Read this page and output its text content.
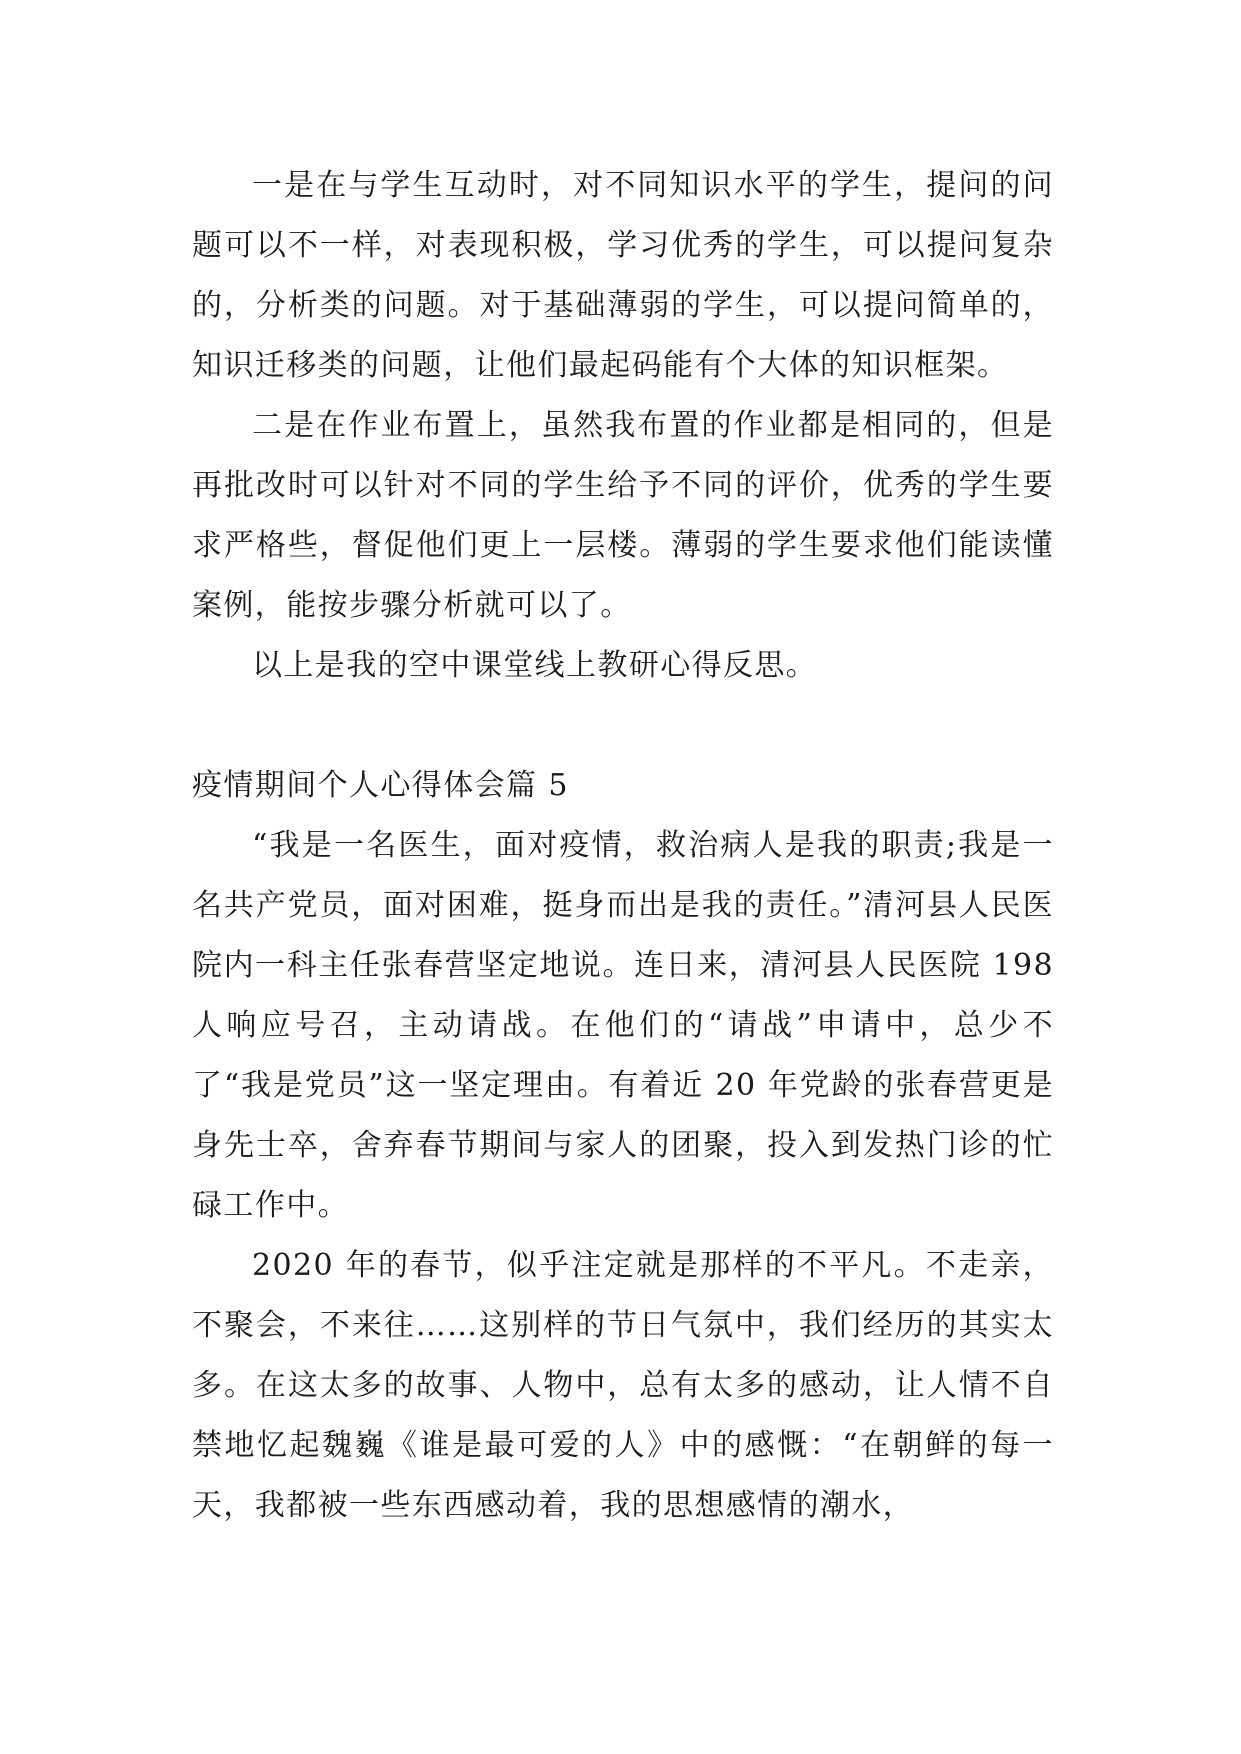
一是在与学生互动时，对不同知识水平的学生，提问的问题可以不一样，对表现积极，学习优秀的学生，可以提问复杂的，分析类的问题。对于基础薄弱的学生，可以提问简单的，知识迁移类的问题，让他们最起码能有个大体的知识框架。

二是在作业布置上，虽然我布置的作业都是相同的，但是再批改时可以针对不同的学生给予不同的评价，优秀的学生要求严格些，督促他们更上一层楼。薄弱的学生要求他们能读懂案例，能按步骤分析就可以了。

以上是我的空中课堂线上教研心得反思。

疫情期间个人心得体会篇 5

“我是一名医生，面对疫情，救治病人是我的职责;我是一名共产党员，面对困难，挺身而出是我的责任。”清河县人民医院内一科主任张春营坚定地说。连日来，清河县人民医院 198 人响应号召，主动请战。在他们的“请战”申请中，总少不了“我是党员”这一坚定理由。有着近 20 年党龄的张春营更是身先士卒，舍弃春节期间与家人的团聚，投入到发热门诊的忙碌工作中。

2020 年的春节，似乎注定就是那样的不平凡。不走亲，不聚会，不来往……这别样的节日气氛中，我们经历的其实太多。在这太多的故事、人物中，总有太多的感动，让人情不自禁地忆起魏巍《谁是最可爱的人》中的感慨：“在朝鲜的每一天，我都被一些东西感动着，我的思想感情的潮水，
